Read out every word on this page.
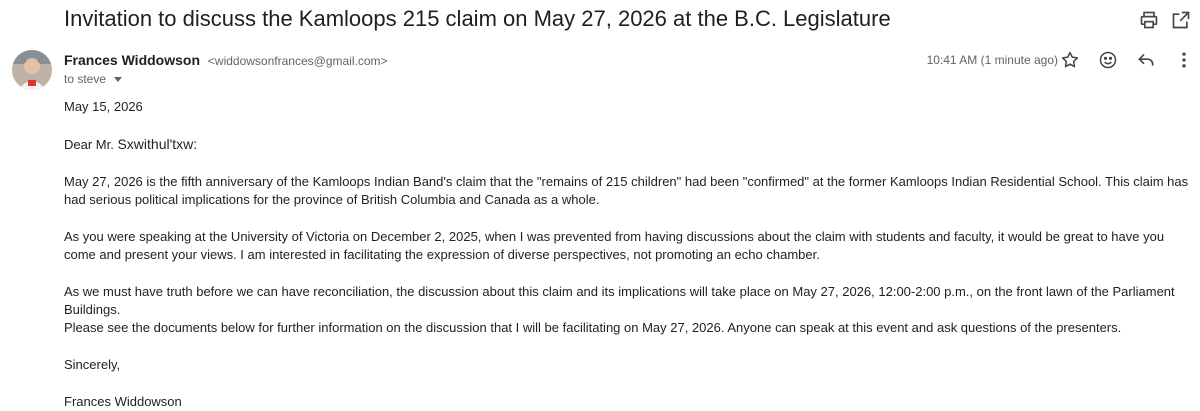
Invitation to discuss the Kamloops 215 claim on May 27, 2026 at the B.C. Legislature
Frances Widdowson <widdowsonfrances@gmail.com>
to steve
10:41 AM (1 minute ago)

May 15, 2026

Dear Mr. Sxwithul'txw:

May 27, 2026 is the fifth anniversary of the Kamloops Indian Band's claim that the "remains of 215 children" had been "confirmed" at the former Kamloops Indian Residential School. This claim has had serious political implications for the province of British Columbia and Canada as a whole.

As you were speaking at the University of Victoria on December 2, 2025, when I was prevented from having discussions about the claim with students and faculty, it would be great to have you come and present your views. I am interested in facilitating the expression of diverse perspectives, not promoting an echo chamber.

As we must have truth before we can have reconciliation, the discussion about this claim and its implications will take place on May 27, 2026, 12:00-2:00 p.m., on the front lawn of the Parliament Buildings.

Please see the documents below for further information on the discussion that I will be facilitating on May 27, 2026. Anyone can speak at this event and ask questions of the presenters.

Sincerely,

Frances Widdowson
